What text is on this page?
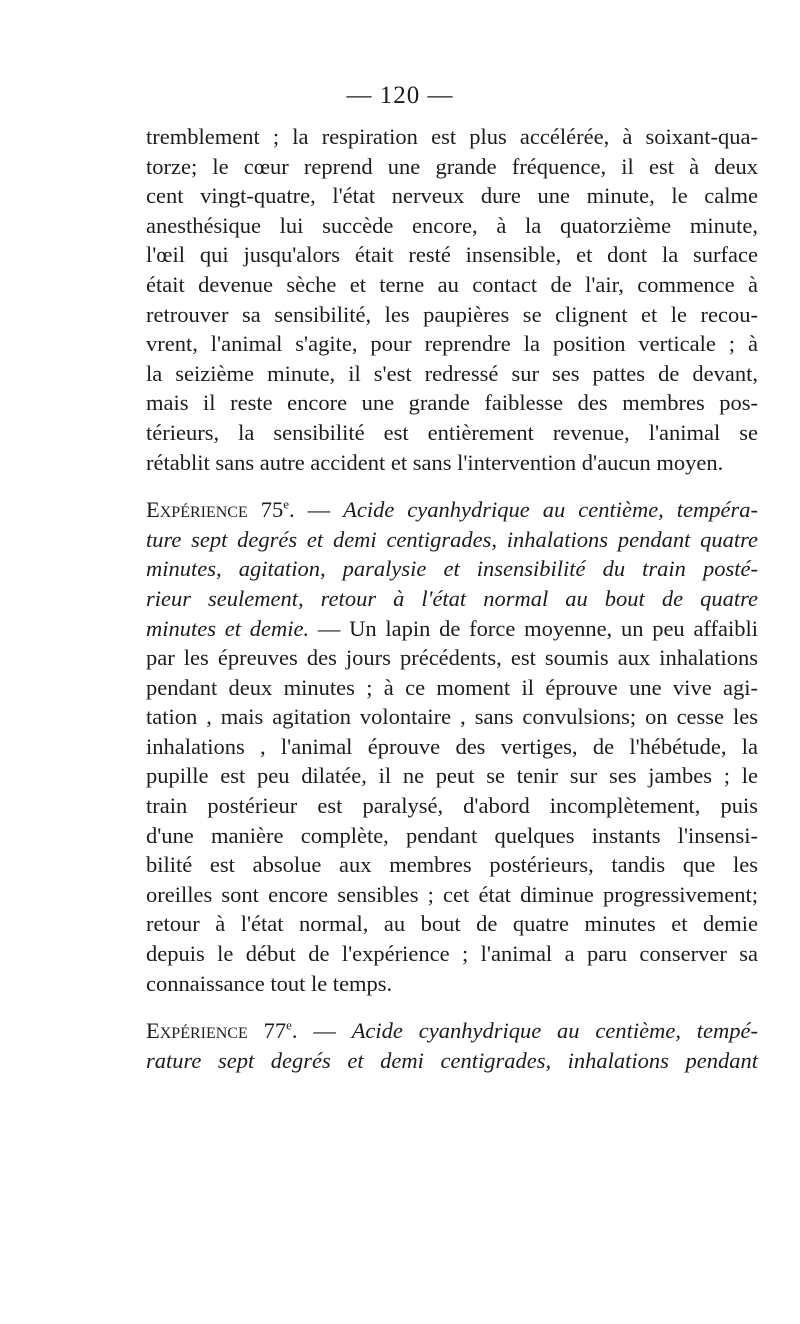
— 120 —
tremblement ; la respiration est plus accélérée, à soixant-qua-
torze; le cœur reprend une grande fréquence, il est à deux
cent vingt-quatre, l'état nerveux dure une minute, le calme
anesthésique lui succède encore, à la quatorzième minute,
l'œil qui jusqu'alors était resté insensible, et dont la surface
était devenue sèche et terne au contact de l'air, commence à
retrouver sa sensibilité, les paupières se clignent et le recou-
vrent, l'animal s'agite, pour reprendre la position verticale ; à
la seizième minute, il s'est redressé sur ses pattes de devant,
mais il reste encore une grande faiblesse des membres pos-
térieurs, la sensibilité est entièrement revenue, l'animal se
rétablit sans autre accident et sans l'intervention d'aucun moyen.
Expérience 75e. — Acide cyanhydrique au centième, tempéra-
ture sept degrés et demi centigrades, inhalations pendant quatre
minutes, agitation, paralysie et insensibilité du train posté-
rieur seulement, retour à l'état normal au bout de quatre
minutes et demie. — Un lapin de force moyenne, un peu affaibli
par les épreuves des jours précédents, est soumis aux inhalations
pendant deux minutes ; à ce moment il éprouve une vive agi-
tation , mais agitation volontaire , sans convulsions; on cesse les
inhalations , l'animal éprouve des vertiges, de l'hébétude, la
pupille est peu dilatée, il ne peut se tenir sur ses jambes ; le
train postérieur est paralysé, d'abord incomplètement, puis
d'une manière complète, pendant quelques instants l'insensi-
bilité est absolue aux membres postérieurs, tandis que les
oreilles sont encore sensibles ; cet état diminue progressivement;
retour à l'état normal, au bout de quatre minutes et demie
depuis le début de l'expérience ; l'animal a paru conserver sa
connaissance tout le temps.
Expérience 77e. — Acide cyanhydrique au centième, tempé-
rature sept degrés et demi centigrades, inhalations pendant
